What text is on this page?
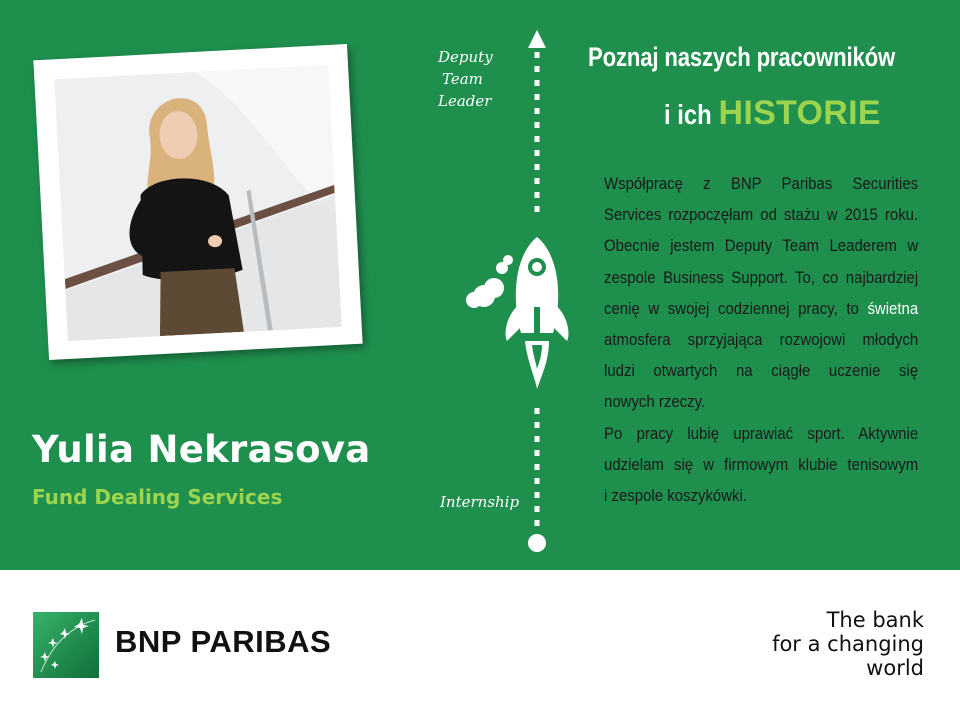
Yulia Nekrasova
Fund Dealing Services
Deputy
Team
Leader
Internship
Poznaj naszych pracowników
i ich HISTORIE
Współpracę z BNP Paribas Securities
Services rozpoczęłam od stażu w 2015 roku.
Obecnie jestem Deputy Team Leaderem w
zespole Business Support. To, co najbardziej
cenię w swojej codziennej pracy, to świetna
atmosfera sprzyjająca rozwojowi młodych
ludzi otwartych na ciągłe uczenie się
nowych rzeczy.
Po pracy lubię uprawiać sport. Aktywnie
udzielam się w firmowym klubie tenisowym
i zespole koszykówki.
BNP PARIBAS
The bank
for a changing
world
